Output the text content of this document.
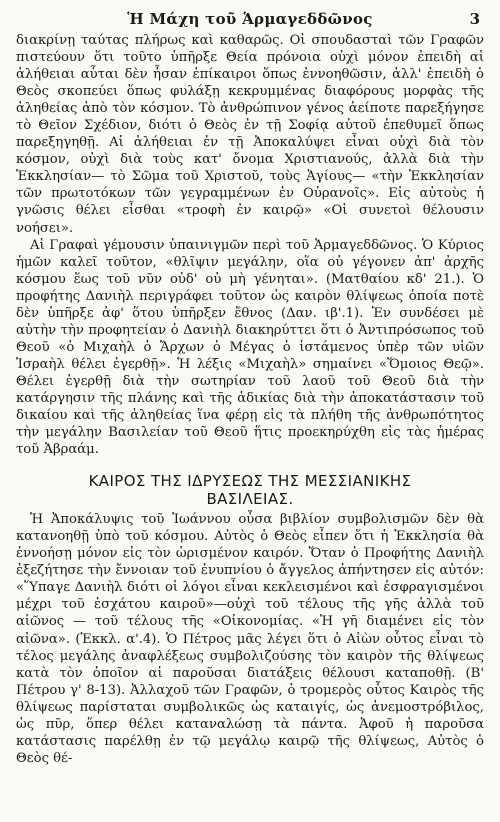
Ἡ Μάχη τοῦ Ἁρμαγεδδῶνος	3

διακρίνῃ ταύτας πλήρως καὶ καθαρῶς. Οἱ σπουδασταὶ τῶν Γραφῶν πιστεύουν ὅτι τοῦτο ὑπῆρξε Θεία πρόνοια οὐχὶ μόνον ἐπειδὴ αἱ ἀλήθειαι αὗται δὲν ἦσαν ἐπίκαιροι ὅπως ἐννοηθῶσιν, ἀλλ' ἐπειδὴ ὁ Θεὸς σκοπεύει ὅπως φυλάξῃ κεκρυμμένας διαφόρους μορφὰς τῆς ἀληθείας ἀπὸ τὸν κόσμον. Τὸ ἀνθρώπινον γένος ἀείποτε παρεξήγησε τὸ Θεῖον Σχέδιον, διότι ὁ Θεὸς ἐν τῇ Σοφίᾳ αὐτοῦ ἐπεθυμεῖ ὅπως παρεξηγηθῇ. Αἱ ἀλήθειαι ἐν τῇ Ἀποκαλύψει εἶναι οὐχὶ διὰ τὸν κόσμον, οὐχὶ διὰ τοὺς κατ' ὄνομα Χριστιανούς, ἀλλὰ διὰ τὴν Ἐκκλησίαν— τὸ Σῶμα τοῦ Χριστοῦ, τοὺς Ἁγίους— «τὴν Ἐκκλησίαν τῶν πρωτοτόκων τῶν γεγραμμένων ἐν Οὐρανοῖς». Εἰς αὐτοὺς ἡ γνῶσις θέλει εἶσθαι «τροφὴ ἐν καιρῷ» «Οἱ συνετοὶ θέλουσιν νοήσει».

Αἱ Γραφαὶ γέμουσιν ὑπαινιγμῶν περὶ τοῦ Ἁρμαγεδδῶνος. Ὁ Κύριος ἡμῶν καλεῖ τοῦτον, «θλῖψιν μεγάλην, οἵα οὐ γέγονεν ἀπ' ἀρχῆς κόσμου ἕως τοῦ νῦν οὐδ' οὐ μὴ γένηται». (Ματθαίου κδ' 21.). Ὁ προφήτης Δανιὴλ περιγράφει τοῦτον ὡς καιρὸν θλίψεως ὁποία ποτὲ δὲν ὑπῆρξε ἀφ' ὅτου ὑπῆρξεν ἔθνος (Δαν. ιβ'.1). Ἐν συνδέσει μὲ αὐτὴν τὴν προφητείαν ὁ Δανιὴλ διακηρύττει ὅτι ὁ Ἀντιπρόσωπος τοῦ Θεοῦ «ὁ Μιχαὴλ ὁ Ἄρχων ὁ Μέγας ὁ ἱστάμενος ὑπὲρ τῶν υἱῶν Ἰσραὴλ θέλει ἐγερθῇ». Ἡ λέξις «Μιχαὴλ» σημαίνει «Ὅμοιος Θεῷ». Θέλει ἐγερθῇ διὰ τὴν σωτηρίαν τοῦ λαοῦ τοῦ Θεοῦ διὰ τὴν κατάργησιν τῆς πλάνης καὶ τῆς ἀδικίας διὰ τὴν ἀποκατάστασιν τοῦ δικαίου καὶ τῆς ἀληθείας ἵνα φέρῃ εἰς τὰ πλήθη τῆς ἀνθρωπότητος τὴν μεγάλην Βασιλείαν τοῦ Θεοῦ ἥτις προεκηρύχθη εἰς τὰς ἡμέρας τοῦ Ἀβραάμ.

ΚΑΙΡΟΣ ΤΗΣ ΙΔΡΥΣΕΩΣ ΤΗΣ ΜΕΣΣΙΑΝΙΚΗΣ
ΒΑΣΙΛΕΙΑΣ.

Ἡ Ἀποκάλυψις τοῦ Ἰωάννου οὖσα βιβλίον συμβολισμῶν δὲν θὰ κατανοηθῇ ὑπὸ τοῦ κόσμου. Αὐτὸς ὁ Θεὸς εἶπεν ὅτι ἡ Ἐκκλησία θὰ ἐννοήσῃ μόνον εἰς τὸν ὡρισμένον καιρόν. Ὅταν ὁ Προφήτης Δανιὴλ ἐξεζήτησε τὴν ἔννοιαν τοῦ ἐνυπνίου ὁ ἄγγελος ἀπήντησεν εἰς αὐτόν: «Ὕπαγε Δανιὴλ διότι οἱ λόγοι εἶναι κεκλεισμένοι καὶ ἐσφραγισμένοι μέχρι τοῦ ἐσχάτου καιροῦ»—οὐχὶ τοῦ τέλους τῆς γῆς ἀλλὰ τοῦ αἰῶνος — τοῦ τέλους τῆς «Οἰκονομίας. «Ἡ γῆ διαμένει εἰς τὸν αἰῶνα». (Ἐκκλ. α'.4). Ὁ Πέτρος μᾶς λέγει ὅτι ὁ Αἰὼν οὗτος εἶναι τὸ τέλος μεγάλης ἀναφλέξεως συμβολιζούσης τὸν καιρὸν τῆς θλίψεως κατὰ τὸν ὁποῖον αἱ παροῦσαι διατάξεις θέλουσι καταποθῇ. (Β' Πέτρου γ' 8-13). Ἀλλαχοῦ τῶν Γραφῶν, ὁ τρομερὸς οὗτος Καιρὸς τῆς θλίψεως παρίσταται συμβολικῶς ὡς καταιγίς, ὡς ἀνεμοστρόβιλος, ὡς πῦρ, ὅπερ θέλει καταναλώσῃ τὰ πάντα. Ἀφοῦ ἡ παροῦσα κατάστασις παρέλθῃ ἐν τῷ μεγάλῳ καιρῷ τῆς θλίψεως, Αὐτὸς ὁ Θεὸς θέ-
